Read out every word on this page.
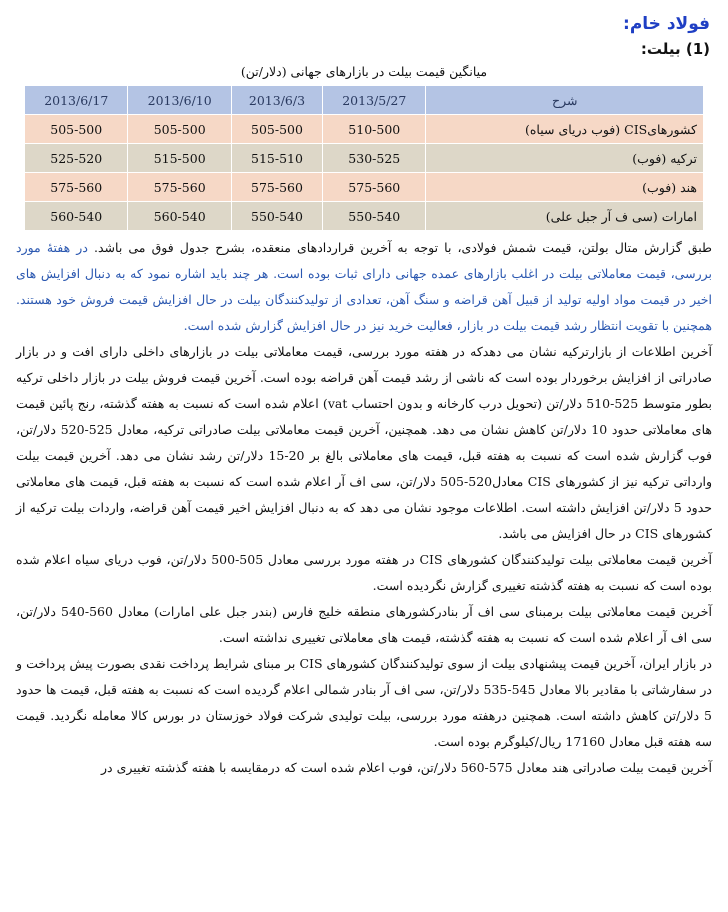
فولاد خام:
(1) بیلت:
میانگین قیمت بیلت در بازارهای جهانی (دلار/تن)
شرح	2013/5/27	2013/6/3	2013/6/10	2013/6/17
کشورهایCIS (فوب دریای سیاه)	510-500	505-500	505-500	505-500
ترکیه (فوب)	530-525	515-510	515-500	525-520
هند (فوب)	575-560	575-560	575-560	575-560
امارات (سی ف آر جبل علی)	550-540	550-540	560-540	560-540
طبق گزارش متال بولتن، قیمت شمش فولادی، با توجه به آخرین قراردادهای منعقده، بشرح جدول فوق می باشد. در هفتهٔ مورد بررسی، قیمت معاملاتی بیلت در اغلب بازارهای عمده جهانی دارای ثبات بوده است. هر چند باید اشاره نمود که به دنبال افزایش های اخیر در قیمت مواد اولیه تولید از قبیل آهن قراضه و سنگ آهن، تعدادی از تولیدکنندگان بیلت در حال افزایش قیمت فروش خود هستند. همچنین با تقویت انتظار رشد قیمت بیلت در بازار، فعالیت خرید نیز در حال افزایش گزارش شده است.
آخرین اطلاعات از بازارترکیه نشان می دهدکه در هفته مورد بررسی، قیمت معاملاتی بیلت در بازارهای داخلی دارای افت و در بازار صادراتی از افزایش برخوردار بوده است که ناشی از رشد قیمت آهن قراضه بوده است. آخرین قیمت فروش بیلت در بازار داخلی ترکیه بطور متوسط 525-510 دلار/تن (تحویل درب کارخانه و بدون احتساب vat) اعلام شده است که نسبت به هفته گذشته، رنج پائین قیمت های معاملاتی حدود 10 دلار/تن کاهش نشان می دهد. همچنین، آخرین قیمت معاملاتی بیلت صادراتی ترکیه، معادل 525-520 دلار/تن، فوب گزارش شده است که نسبت به هفته قبل، قیمت های معاملاتی بالغ بر 20-15 دلار/تن رشد نشان می دهد. آخرین قیمت بیلت وارداتی ترکیه نیز از کشورهای CIS معادل520-505 دلار/تن، سی اف آر اعلام شده است که نسبت به هفته قبل، قیمت های معاملاتی حدود 5 دلار/تن افزایش داشته است. اطلاعات موجود نشان می دهد که به دنبال افزایش اخیر قیمت آهن قراضه، واردات بیلت ترکیه از کشورهای CIS در حال افزایش می باشد.
آخرین قیمت معاملاتی بیلت تولیدکنندگان کشورهای CIS در هفته مورد بررسی معادل 505-500 دلار/تن، فوب دریای سیاه اعلام شده بوده است که نسبت به هفته گذشته تغییری گزارش نگردیده است.
آخرین قیمت معاملاتی بیلت برمبنای سی اف آر بنادرکشورهای منطقه خلیج فارس (بندر جبل علی امارات) معادل 560-540 دلار/تن، سی اف آر اعلام شده است که نسبت به هفته گذشته، قیمت های معاملاتی تغییری نداشته است.
در بازار ایران، آخرین قیمت پیشنهادی بیلت از سوی تولیدکنندگان کشورهای CIS بر مبنای شرایط پرداخت نقدی بصورت پیش پرداخت و در سفارشاتی با مقادیر بالا معادل 545-535 دلار/تن، سی اف آر بنادر شمالی اعلام گردیده است که نسبت به هفته قبل، قیمت ها حدود 5 دلار/تن کاهش داشته است. همچنین درهفته مورد بررسی، بیلت تولیدی شرکت فولاد خوزستان در بورس کالا معامله نگردید. قیمت سه هفته قبل معادل 17160 ریال/کیلوگرم بوده است.
آخرین قیمت بیلت صادراتی هند معادل 575-560 دلار/تن، فوب اعلام شده است که درمقایسه با هفته گذشته تغییری در
